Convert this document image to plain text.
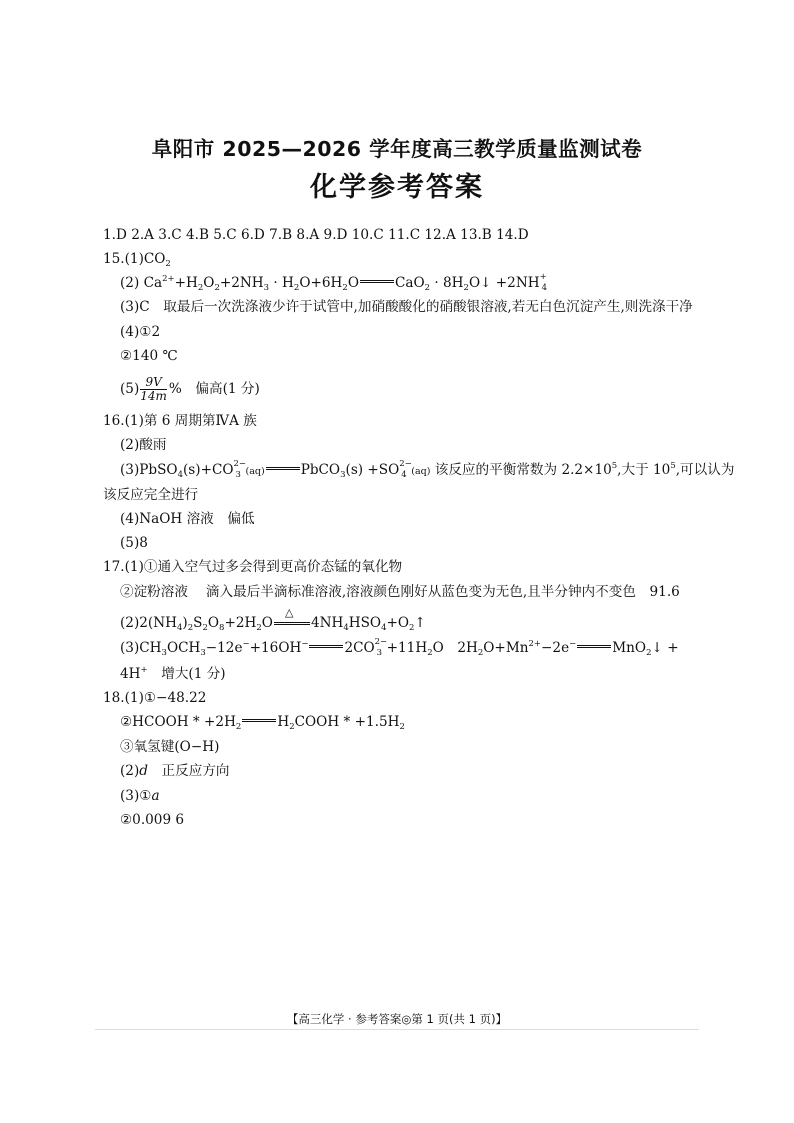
阜阳市 2025—2026 学年度高三教学质量监测试卷
化学参考答案
1.D 2.A 3.C 4.B 5.C 6.D 7.B 8.A 9.D 10.C 11.C 12.A 13.B 14.D
$15.(1)CO_2$
(2) $Ca^{2+}+H_2O_2+2NH_3 \cdot H_2O+6H_2O$	$CaO_2 \cdot 8H_2O↓ +2NH$ +
4
(3)C　取最后一次洗涤液少许于试管中,加硝酸酸化的硝酸银溶液,若无白色沉淀产生,则洗涤干净
(4)①2
②140 ℃
$(5) \frac{9V}{14m}$ %　偏高(1 分)
16.(1)第 6 周期第ⅣA 族
(2)酸雨
(3)PbSO$_4$(s)+CO 2−
3 (aq)	PbCO$_3$(s) +SO 2−
4 (aq) 该反应的平衡常数为 $2.2\times 10^5$,大于 $10^5$,可以认为
该反应完全进行
(4)NaOH 溶液　偏低
(5)8
17.(1)①通入空气过多会得到更高价态锰的氧化物
②淀粉溶液　 滴入最后半滴标准溶液,溶液颜色刚好从蓝色变为无色,且半分钟内不变色　91.6
$(2)2(NH_4)_2S_2O_8+2H_2O$
△
$4NH_4HSO_4+O_2↑$
$(3)CH_3OCH_3-12e^-+16OH^-$	2CO 2−
$3 +11H_2O$　$2H_2O+Mn^{2+}-2e^-$	MnO$_2$↓ +
4H+　增大(1 分)
18.(1)①−48.22
②HCOOH * $+2H_2$	$H_2COOH * +1.5H_2$
③氧氢键(O−H)
(2)d　正反应方向
(3)①a
②0.009 6
【高三化学 · 参考答案◎第 1 页(共 1 页)】
